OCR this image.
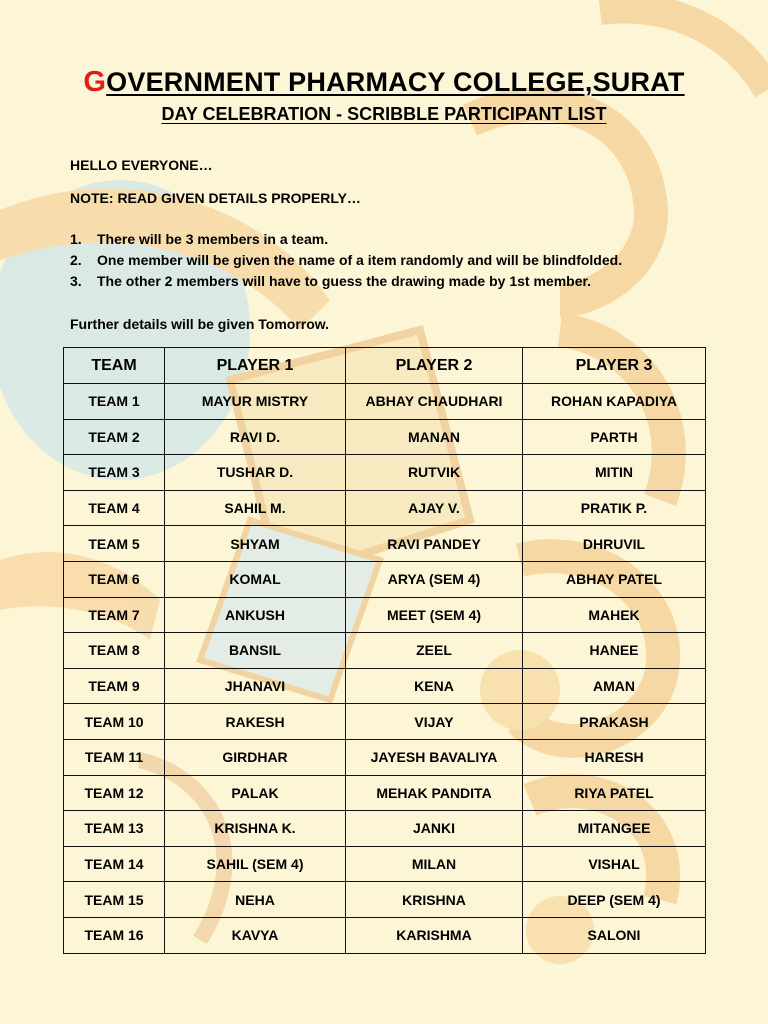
GOVERNMENT PHARMACY COLLEGE,SURAT
DAY CELEBRATION - SCRIBBLE PARTICIPANT LIST
HELLO EVERYONE…
NOTE: READ GIVEN DETAILS PROPERLY…
1. There will be 3 members in a team.
2. One member will be given the name of a item randomly and will be blindfolded.
3. The other 2 members will have to guess the drawing made by 1st member.
Further details will be given Tomorrow.
TEAM	PLAYER 1	PLAYER 2	PLAYER 3
TEAM 1	MAYUR MISTRY	ABHAY CHAUDHARI	ROHAN KAPADIYA
TEAM 2	RAVI D.	MANAN	PARTH
TEAM 3	TUSHAR D.	RUTVIK	MITIN
TEAM 4	SAHIL M.	AJAY V.	PRATIK P.
TEAM 5	SHYAM	RAVI PANDEY	DHRUVIL
TEAM 6	KOMAL	ARYA (SEM 4)	ABHAY PATEL
TEAM 7	ANKUSH	MEET (SEM 4)	MAHEK
TEAM 8	BANSIL	ZEEL	HANEE
TEAM 9	JHANAVI	KENA	AMAN
TEAM 10	RAKESH	VIJAY	PRAKASH
TEAM 11	GIRDHAR	JAYESH BAVALIYA	HARESH
TEAM 12	PALAK	MEHAK PANDITA	RIYA PATEL
TEAM 13	KRISHNA K.	JANKI	MITANGEE
TEAM 14	SAHIL (SEM 4)	MILAN	VISHAL
TEAM 15	NEHA	KRISHNA	DEEP (SEM 4)
TEAM 16	KAVYA	KARISHMA	SALONI
